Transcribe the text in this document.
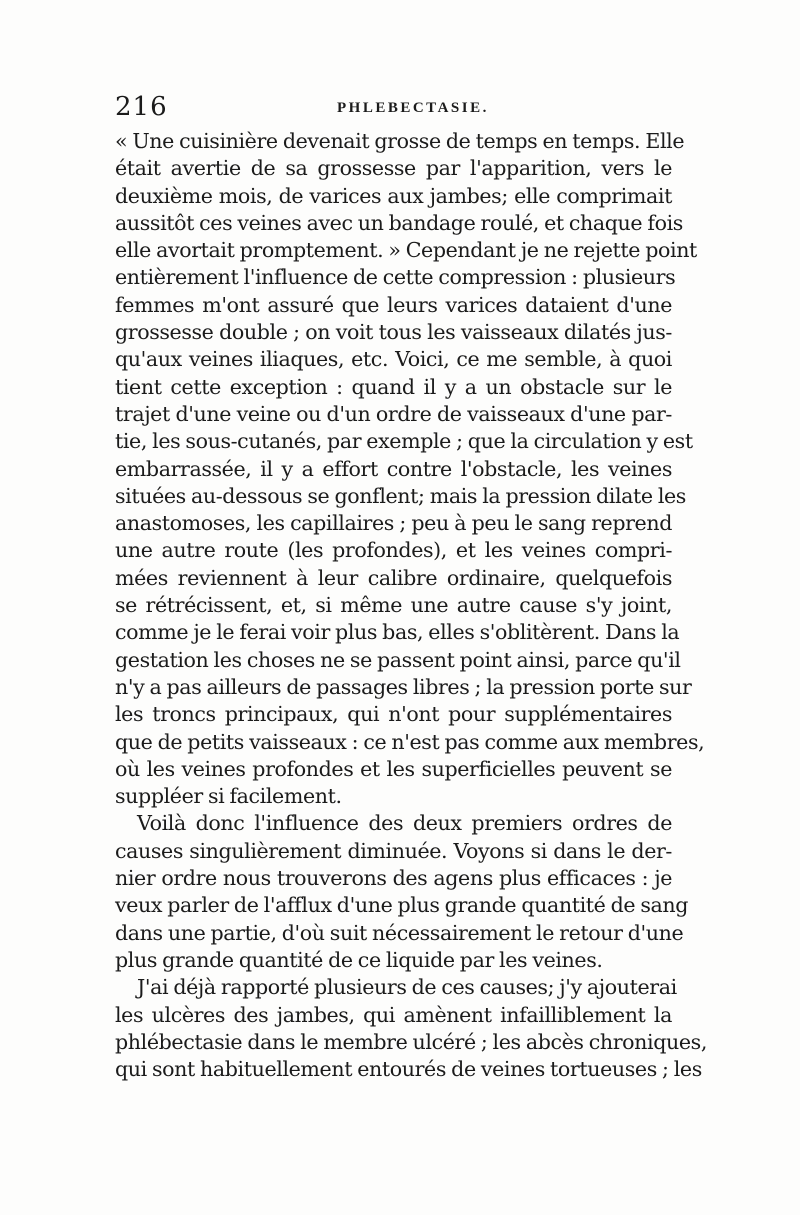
216	PHLEBECTASIE.
« Une cuisinière devenait grosse de temps en temps. Elle
était avertie de sa grossesse par l'apparition, vers le
deuxième mois, de varices aux jambes; elle comprimait
aussitôt ces veines avec un bandage roulé, et chaque fois
elle avortait promptement. » Cependant je ne rejette point
entièrement l'influence de cette compression : plusieurs
femmes m'ont assuré que leurs varices dataient d'une
grossesse double ; on voit tous les vaisseaux dilatés jus-
qu'aux veines iliaques, etc. Voici, ce me semble, à quoi
tient cette exception : quand il y a un obstacle sur le
trajet d'une veine ou d'un ordre de vaisseaux d'une par-
tie, les sous-cutanés, par exemple ; que la circulation y est
embarrassée, il y a effort contre l'obstacle, les veines
situées au-dessous se gonflent; mais la pression dilate les
anastomoses, les capillaires ; peu à peu le sang reprend
une autre route (les profondes), et les veines compri-
mées reviennent à leur calibre ordinaire, quelquefois
se rétrécissent, et, si même une autre cause s'y joint,
comme je le ferai voir plus bas, elles s'oblitèrent. Dans la
gestation les choses ne se passent point ainsi, parce qu'il
n'y a pas ailleurs de passages libres ; la pression porte sur
les troncs principaux, qui n'ont pour supplémentaires
que de petits vaisseaux : ce n'est pas comme aux membres,
où les veines profondes et les superficielles peuvent se
suppléer si facilement.
Voilà donc l'influence des deux premiers ordres de
causes singulièrement diminuée. Voyons si dans le der-
nier ordre nous trouverons des agens plus efficaces : je
veux parler de l'afflux d'une plus grande quantité de sang
dans une partie, d'où suit nécessairement le retour d'une
plus grande quantité de ce liquide par les veines.
J'ai déjà rapporté plusieurs de ces causes; j'y ajouterai
les ulcères des jambes, qui amènent infailliblement la
phlébectasie dans le membre ulcéré ; les abcès chroniques,
qui sont habituellement entourés de veines tortueuses ; les
